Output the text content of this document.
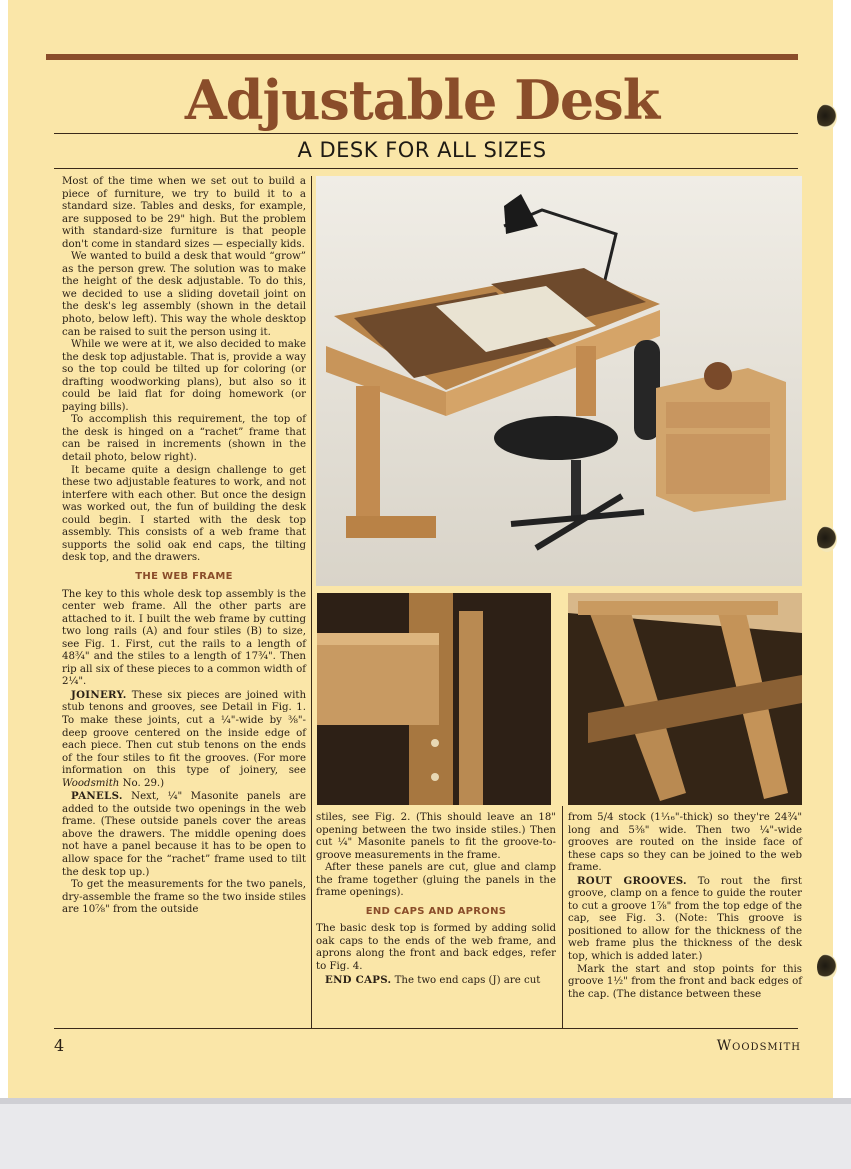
Adjustable Desk
A DESK FOR ALL SIZES

Most of the time when we set out to build a piece of furniture, we try to build it to a standard size. Tables and desks, for example, are supposed to be 29" high. But the problem with standard-size furniture is that people don't come in standard sizes — especially kids.

We wanted to build a desk that would “grow” as the person grew. The solution was to make the height of the desk adjustable. To do this, we decided to use a sliding dovetail joint on the desk's leg assembly (shown in the detail photo, below left). This way the whole desktop can be raised to suit the person using it.

While we were at it, we also decided to make the desk top adjustable. That is, provide a way so the top could be tilted up for coloring (or drafting woodworking plans), but also so it could be laid flat for doing homework (or paying bills).

To accomplish this requirement, the top of the desk is hinged on a “rachet” frame that can be raised in increments (shown in the detail photo, below right).

It became quite a design challenge to get these two adjustable features to work, and not interfere with each other. But once the design was worked out, the fun of building the desk could begin. I started with the desk top assembly. This consists of a web frame that supports the solid oak end caps, the tilting desk top, and the drawers.

THE WEB FRAME

The key to this whole desk top assembly is the center web frame. All the other parts are attached to it. I built the web frame by cutting two long rails (A) and four stiles (B) to size, see Fig. 1. First, cut the rails to a length of 48¾" and the stiles to a length of 17¾". Then rip all six of these pieces to a common width of 2¼".

JOINERY. These six pieces are joined with stub tenons and grooves, see Detail in Fig. 1. To make these joints, cut a ¼"-wide by ⅜"-deep groove centered on the inside edge of each piece. Then cut stub tenons on the ends of the four stiles to fit the grooves. (For more information on this type of joinery, see Woodsmith No. 29.)

PANELS. Next, ¼" Masonite panels are added to the outside two openings in the web frame. (These outside panels cover the areas above the drawers. The middle opening does not have a panel because it has to be open to allow space for the “rachet” frame used to tilt the desk top up.)

To get the measurements for the two panels, dry-assemble the frame so the two inside stiles are 10⅞" from the outside

stiles, see Fig. 2. (This should leave an 18" opening between the two inside stiles.) Then cut ¼" Masonite panels to fit the groove-to-groove measurements in the frame.

After these panels are cut, glue and clamp the frame together (gluing the panels in the frame openings).

END CAPS AND APRONS

The basic desk top is formed by adding solid oak caps to the ends of the web frame, and aprons along the front and back edges, refer to Fig. 4.

END CAPS. The two end caps (J) are cut

from 5/4 stock (1¹⁄₁₆"-thick) so they're 24¾" long and 5⅜" wide. Then two ¼"-wide grooves are routed on the inside face of these caps so they can be joined to the web frame.

ROUT GROOVES. To rout the first groove, clamp on a fence to guide the router to cut a groove 1⅞" from the top edge of the cap, see Fig. 3. (Note: This groove is positioned to allow for the thickness of the web frame plus the thickness of the desk top, which is added later.)

Mark the start and stop points for this groove 1½" from the front and back edges of the cap. (The distance between these

4	Woodsmith
